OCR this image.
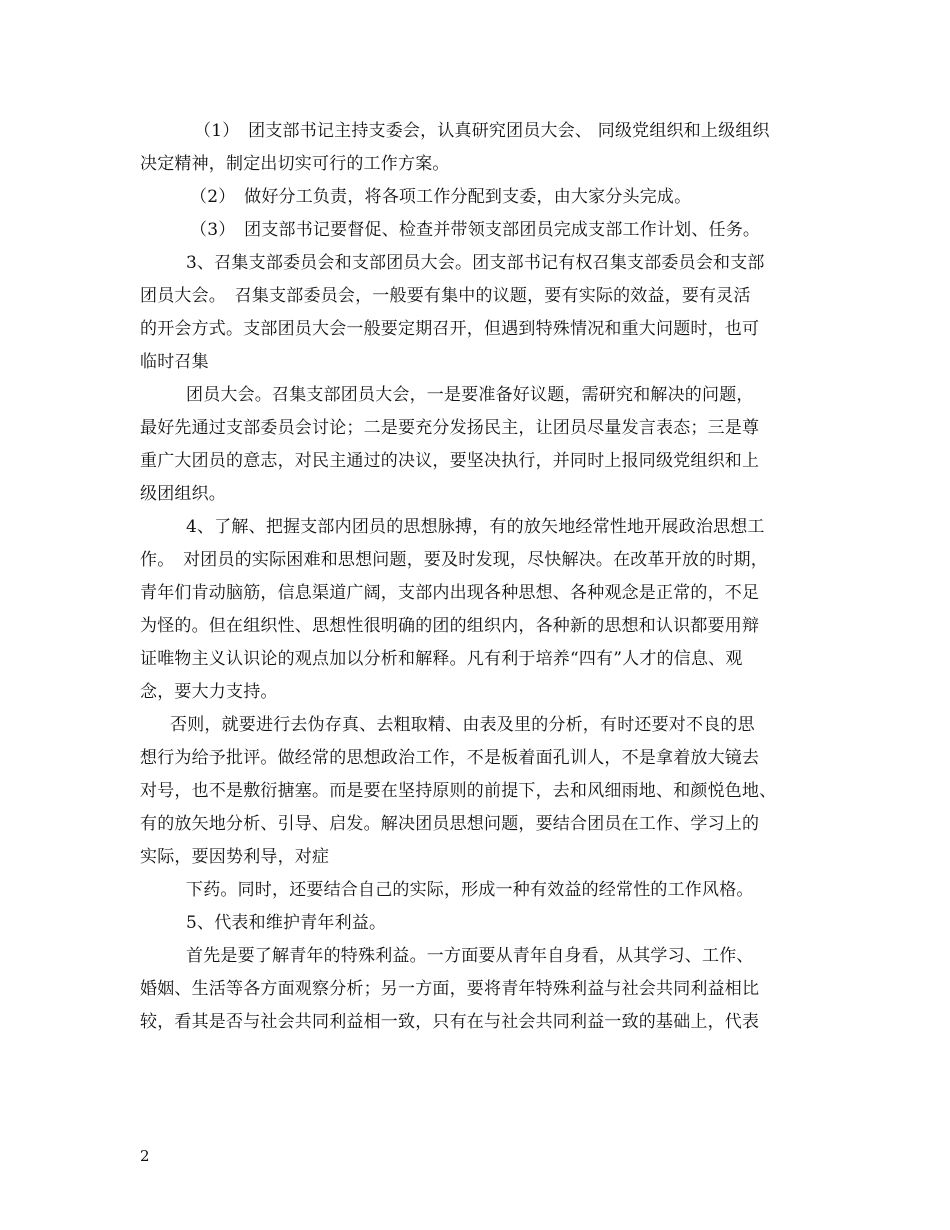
（1）　团支部书记主持支委会，认真研究团员大会、 同级党组织和上级组织
决定精神，制定出切实可行的工作方案。
（2）　做好分工负责，将各项工作分配到支委，由大家分头完成。
（3）　团支部书记要督促、检查并带领支部团员完成支部工作计划、任务。
3、召集支部委员会和支部团员大会。团支部书记有权召集支部委员会和支部
团员大会。　召集支部委员会，一般要有集中的议题，要有实际的效益，要有灵活
的开会方式。支部团员大会一般要定期召开，但遇到特殊情况和重大问题时，也可
临时召集
团员大会。召集支部团员大会，一是要准备好议题，需研究和解决的问题，
最好先通过支部委员会讨论；二是要充分发扬民主，让团员尽量发言表态；三是尊
重广大团员的意志，对民主通过的决议，要坚决执行，并同时上报同级党组织和上
级团组织。
4、了解、把握支部内团员的思想脉搏，有的放矢地经常性地开展政治思想工
作。　对团员的实际困难和思想问题，要及时发现，尽快解决。在改革开放的时期，
青年们肯动脑筋，信息渠道广阔，支部内出现各种思想、各种观念是正常的，不足
为怪的。但在组织性、思想性很明确的团的组织内，各种新的思想和认识都要用辩
证唯物主义认识论的观点加以分析和解释。凡有利于培养“四有”人才的信息、观
念，要大力支持。
否则，就要进行去伪存真、去粗取精、由表及里的分析，有时还要对不良的思
想行为给予批评。做经常的思想政治工作，不是板着面孔训人，不是拿着放大镜去
对号，也不是敷衍搪塞。而是要在坚持原则的前提下，去和风细雨地、和颜悦色地、
有的放矢地分析、引导、启发。解决团员思想问题，要结合团员在工作、学习上的
实际，要因势利导，对症
下药。同时，还要结合自己的实际，形成一种有效益的经常性的工作风格。
5、代表和维护青年利益。
首先是要了解青年的特殊利益。一方面要从青年自身看，从其学习、工作、
婚姻、生活等各方面观察分析；另一方面，要将青年特殊利益与社会共同利益相比
较，看其是否与社会共同利益相一致，只有在与社会共同利益一致的基础上，代表
2
